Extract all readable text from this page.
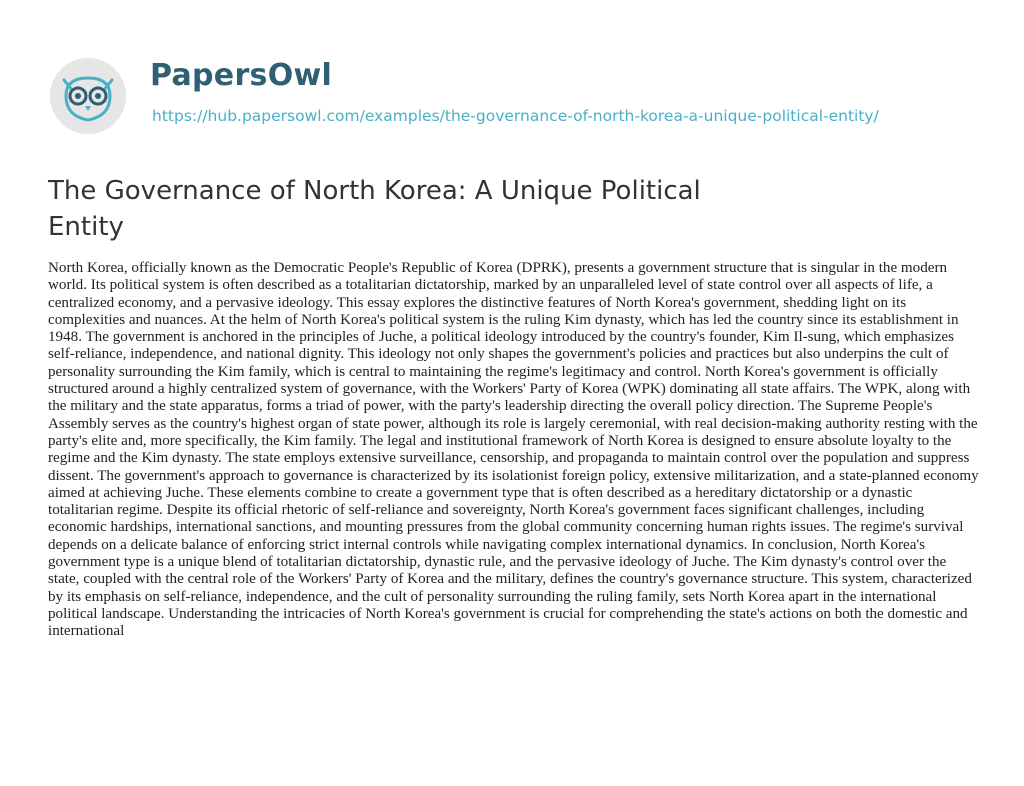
PapersOwl
https://hub.papersowl.com/examples/the-governance-of-north-korea-a-unique-political-entity/
The Governance of North Korea: A Unique Political Entity

North Korea, officially known as the Democratic People's Republic of Korea (DPRK), presents a government structure that is singular in the modern world. Its political system is often described as a totalitarian dictatorship, marked by an unparalleled level of state control over all aspects of life, a centralized economy, and a pervasive ideology. This essay explores the distinctive features of North Korea's government, shedding light on its complexities and nuances. At the helm of North Korea's political system is the ruling Kim dynasty, which has led the country since its establishment in 1948. The government is anchored in the principles of Juche, a political ideology introduced by the country's founder, Kim Il-sung, which emphasizes self-reliance, independence, and national dignity. This ideology not only shapes the government's policies and practices but also underpins the cult of personality surrounding the Kim family, which is central to maintaining the regime's legitimacy and control. North Korea's government is officially structured around a highly centralized system of governance, with the Workers' Party of Korea (WPK) dominating all state affairs. The WPK, along with the military and the state apparatus, forms a triad of power, with the party's leadership directing the overall policy direction. The Supreme People's Assembly serves as the country's highest organ of state power, although its role is largely ceremonial, with real decision-making authority resting with the party's elite and, more specifically, the Kim family. The legal and institutional framework of North Korea is designed to ensure absolute loyalty to the regime and the Kim dynasty. The state employs extensive surveillance, censorship, and propaganda to maintain control over the population and suppress dissent. The government's approach to governance is characterized by its isolationist foreign policy, extensive militarization, and a state-planned economy aimed at achieving Juche. These elements combine to create a government type that is often described as a hereditary dictatorship or a dynastic totalitarian regime. Despite its official rhetoric of self-reliance and sovereignty, North Korea's government faces significant challenges, including economic hardships, international sanctions, and mounting pressures from the global community concerning human rights issues. The regime's survival depends on a delicate balance of enforcing strict internal controls while navigating complex international dynamics. In conclusion, North Korea's government type is a unique blend of totalitarian dictatorship, dynastic rule, and the pervasive ideology of Juche. The Kim dynasty's control over the state, coupled with the central role of the Workers' Party of Korea and the military, defines the country's governance structure. This system, characterized by its emphasis on self-reliance, independence, and the cult of personality surrounding the ruling family, sets North Korea apart in the international political landscape. Understanding the intricacies of North Korea's government is crucial for comprehending the state's actions on both the domestic and international
